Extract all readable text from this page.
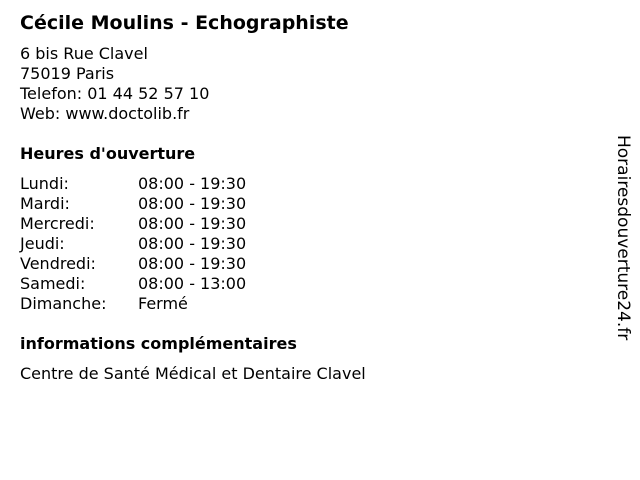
Cécile Moulins - Echographiste

6 bis Rue Clavel

75019 Paris

Telefon: 01 44 52 57 10

Web: www.doctolib.fr

Heures d'ouverture
Lundi:	08:00 - 19:30
Mardi:	08:00 - 19:30
Mercredi:	08:00 - 19:30
Jeudi:	08:00 - 19:30
Vendredi:	08:00 - 19:30
Samedi:	08:00 - 13:00
Dimanche:	Fermé
informations complémentaires

Centre de Santé Médical et Dentaire Clavel

Horairesdouverture24.fr
